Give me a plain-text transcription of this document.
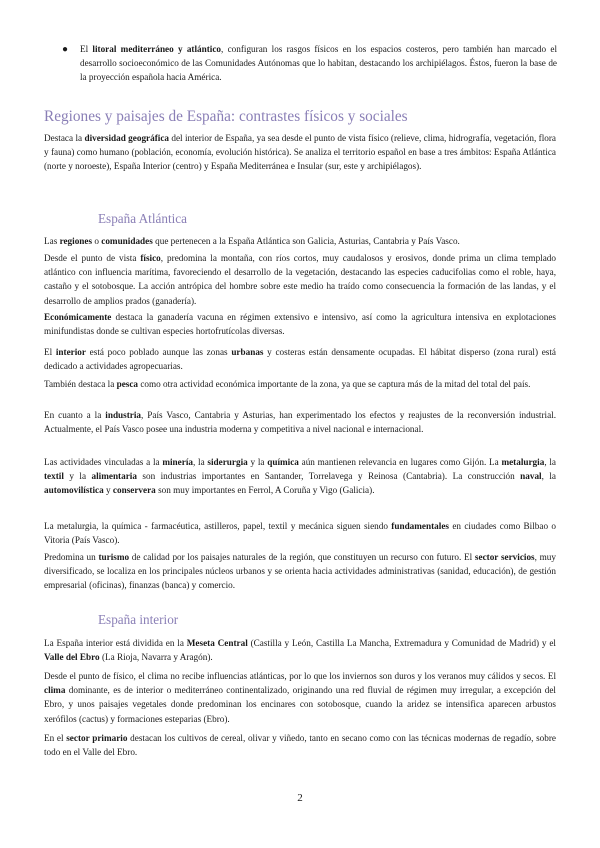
● El litoral mediterráneo y atlántico, configuran los rasgos físicos en los espacios costeros, pero también han marcado el desarrollo socioeconómico de las Comunidades Autónomas que lo habitan, destacando los archipiélagos. Éstos, fueron la base de la proyección española hacia América.

Regiones y paisajes de España: contrastes físicos y sociales

Destaca la diversidad geográfica del interior de España, ya sea desde el punto de vista físico (relieve, clima, hidrografía, vegetación, flora y fauna) como humano (población, economía, evolución histórica). Se analiza el territorio español en base a tres ámbitos: España Atlántica (norte y noroeste), España Interior (centro) y España Mediterránea e Insular (sur, este y archipiélagos).

España Atlántica

Las regiones o comunidades que pertenecen a la España Atlántica son Galicia, Asturias, Cantabria y País Vasco.

Desde el punto de vista físico, predomina la montaña, con ríos cortos, muy caudalosos y erosivos, donde prima un clima templado atlántico con influencia marítima, favoreciendo el desarrollo de la vegetación, destacando las especies caducifolias como el roble, haya, castaño y el sotobosque. La acción antrópica del hombre sobre este medio ha traído como consecuencia la formación de las landas, y el desarrollo de amplios prados (ganadería).

Económicamente destaca la ganadería vacuna en régimen extensivo e intensivo, así como la agricultura intensiva en explotaciones minifundistas donde se cultivan especies hortofrutícolas diversas.

El interior está poco poblado aunque las zonas urbanas y costeras están densamente ocupadas. El hábitat disperso (zona rural) está dedicado a actividades agropecuarias.

También destaca la pesca como otra actividad económica importante de la zona, ya que se captura más de la mitad del total del país.

En cuanto a la industria, País Vasco, Cantabria y Asturias, han experimentado los efectos y reajustes de la reconversión industrial. Actualmente, el País Vasco posee una industria moderna y competitiva a nivel nacional e internacional.

Las actividades vinculadas a la minería, la siderurgia y la química aún mantienen relevancia en lugares como Gijón. La metalurgia, la textil y la alimentaria son industrias importantes en Santander, Torrelavega y Reinosa (Cantabria). La construcción naval, la automovilística y conservera son muy importantes en Ferrol, A Coruña y Vigo (Galicia).

La metalurgia, la química - farmacéutica, astilleros, papel, textil y mecánica siguen siendo fundamentales en ciudades como Bilbao o Vitoria (País Vasco).

Predomina un turismo de calidad por los paisajes naturales de la región, que constituyen un recurso con futuro. El sector servicios, muy diversificado, se localiza en los principales núcleos urbanos y se orienta hacia actividades administrativas (sanidad, educación), de gestión empresarial (oficinas), finanzas (banca) y comercio.

España interior

La España interior está dividida en la Meseta Central (Castilla y León, Castilla La Mancha, Extremadura y Comunidad de Madrid) y el Valle del Ebro (La Rioja, Navarra y Aragón).

Desde el punto de físico, el clima no recibe influencias atlánticas, por lo que los inviernos son duros y los veranos muy cálidos y secos. El clima dominante, es de interior o mediterráneo continentalizado, originando una red fluvial de régimen muy irregular, a excepción del Ebro, y unos paisajes vegetales donde predominan los encinares con sotobosque, cuando la aridez se intensifica aparecen arbustos xerófilos (cactus) y formaciones esteparias (Ebro).

En el sector primario destacan los cultivos de cereal, olivar y viñedo, tanto en secano como con las técnicas modernas de regadío, sobre todo en el Valle del Ebro.

2
